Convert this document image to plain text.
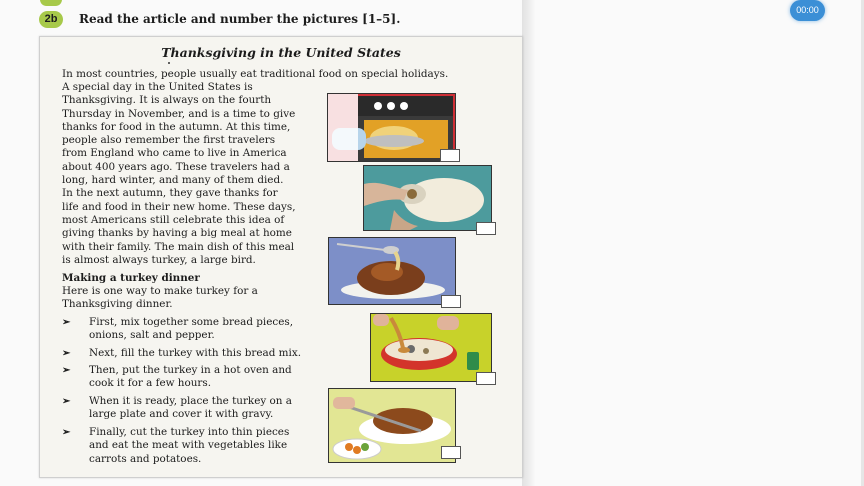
2b	Read the article and number the pictures [1–5].
00:00
Thanksgiving in the United States
In most countries, people usually eat traditional food on special holidays.
A special day in the United States is
Thanksgiving. It is always on the fourth
Thursday in November, and is a time to give
thanks for food in the autumn. At this time,
people also remember the first travelers
from England who came to live in America
about 400 years ago. These travelers had a
long, hard winter, and many of them died.
In the next autumn, they gave thanks for
life and food in their new home. These days,
most Americans still celebrate this idea of
giving thanks by having a big meal at home
with their family. The main dish of this meal
is almost always turkey, a large bird.
Making a turkey dinner
Here is one way to make turkey for a
Thanksgiving dinner.
➢ First, mix together some bread pieces,
onions, salt and pepper.
➢ Next, fill the turkey with this bread mix.
➢ Then, put the turkey in a hot oven and
cook it for a few hours.
➢ When it is ready, place the turkey on a
large plate and cover it with gravy.
➢ Finally, cut the turkey into thin pieces
and eat the meat with vegetables like
carrots and potatoes.
